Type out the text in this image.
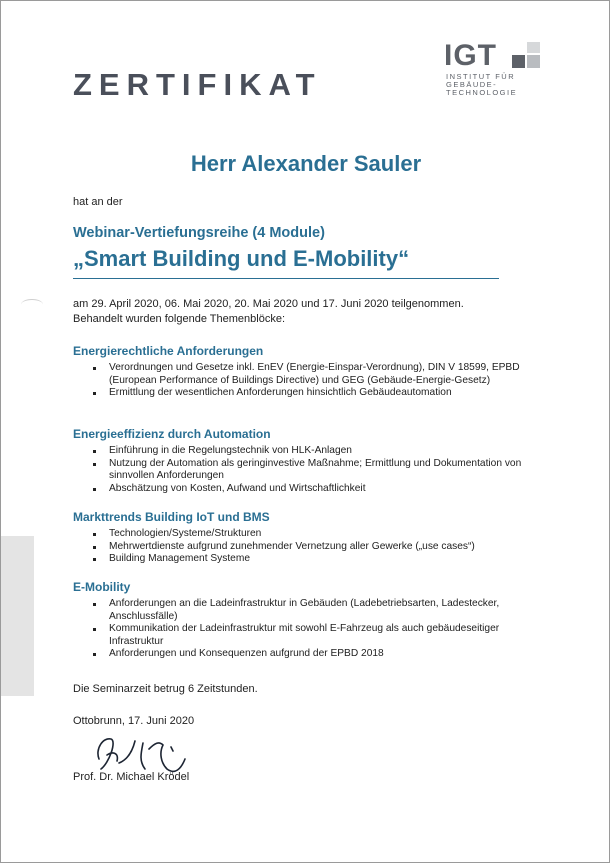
ZERTIFIKAT
IGT
INSTITUT FÜR
GEBÄUDE-
TECHNOLOGIE
Herr Alexander Sauler

hat an der

Webinar-Vertiefungsreihe (4 Module)

„Smart Building und E-Mobility“

am 29. April 2020, 06. Mai 2020, 20. Mai 2020 und 17. Juni 2020 teilgenommen.

Behandelt wurden folgende Themenblöcke:

Energierechtliche Anforderungen

Verordnungen und Gesetze inkl. EnEV (Energie-Einspar-Verordnung), DIN V 18599, EPBD (European Performance of Buildings Directive) und GEG (Gebäude-Energie-Gesetz)
Ermittlung der wesentlichen Anforderungen hinsichtlich Gebäudeautomation

Energieeffizienz durch Automation

Einführung in die Regelungstechnik von HLK-Anlagen
Nutzung der Automation als geringinvestive Maßnahme; Ermittlung und Dokumentation von sinnvollen Anforderungen
Abschätzung von Kosten, Aufwand und Wirtschaftlichkeit

Markttrends Building IoT und BMS

Technologien/Systeme/Strukturen
Mehrwertdienste aufgrund zunehmender Vernetzung aller Gewerke („use cases“)
Building Management Systeme

E-Mobility

Anforderungen an die Ladeinfrastruktur in Gebäuden (Ladebetriebsarten, Ladestecker, Anschlussfälle)
Kommunikation der Ladeinfrastruktur mit sowohl E-Fahrzeug als auch gebäudeseitiger Infrastruktur
Anforderungen und Konsequenzen aufgrund der EPBD 2018

Die Seminarzeit betrug 6 Zeitstunden.

Ottobrunn, 17. Juni 2020

Prof. Dr. Michael Krödel
